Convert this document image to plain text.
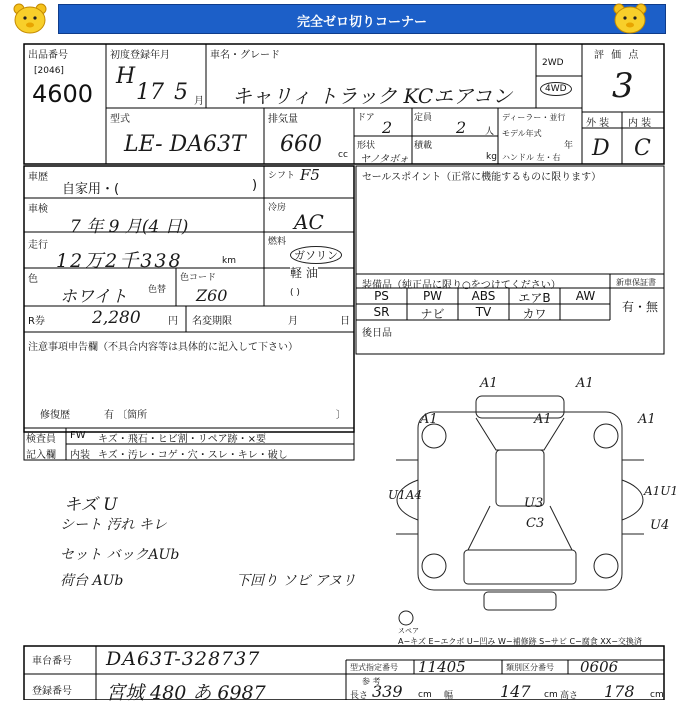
完全ゼロ切りコーナー
出品番号
[2046]
4600
初度登録年月
H
17 5 月
車名・グレード
キャリィ トラック KCエアコン
2WD
4WD
評 価 点
3
型式
LE- DA63T
排気量
660 cc
ドア 2 定員 2 人
ディーラー・並行
形状
ヤノタボォ
積載
kg
モデル年式
年
ハンドル 左・右
外 装 内 装
D C
車歴
自家用・(	)
車検
7 年 9 月(4 日)
走行
12万2千338	km
色
ホワイト 色替
色コード
Z60
シフト F5
冷房
AC
燃料
ガソリン
軽 油
( )
R券	2,280	円 名変期限	月	日
セールスポイント（正常に機能するものに限ります）
装備品（純正品に限り○をつけてください）	新車保証書
有・無
後日品
PS	PW	ABS	エアB	AW
SR	ナビ	TV	カワ
注意事項申告欄（不具合内容等は具体的に記入して下さい）
修復歴	有 〔箇所	〕
検査員
記入欄
FW キズ・飛石・ヒビ割・リペア跡・×要
内装 キズ・汚レ・コゲ・穴・スレ・キレ・破し
キズ U
シート 汚れ キレ
セット バックAUb
荷台 AUb	下回り ソビ アヌリ
A1	A1
A1	A1
U1A4	A1U1
U3
C3
A1
U4
スペア
A−キズ E−エクボ U−凹み W−補修跡 S−サビ C−腐食 XX−交換済
車台番号 DA63T-328737
登録番号 宮城 480 あ 6987
型式指定番号 11405	類別区分番号 0606
参 考
長さ 339 cm 幅	147 cm 高さ 178 cm
